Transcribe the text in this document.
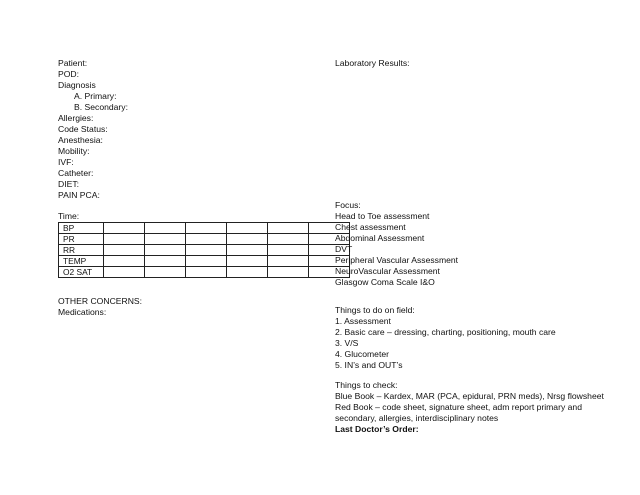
Patient:
POD:
Diagnosis
A. Primary:
B. Secondary:
Allergies:
Code Status:
Anesthesia:
Mobility:
IVF:
Catheter:
DIET:
PAIN PCA:
Time:
BP						
PR						
RR						
TEMP						
O2 SAT						
OTHER CONCERNS:
Medications:
Laboratory Results:
Focus:
Head to Toe assessment
Chest assessment
Abdominal Assessment
DVT
Peripheral Vascular Assessment
NeuroVascular Assessment
Glasgow Coma Scale I&O
Things to do on field:
1. Assessment
2. Basic care – dressing, charting, positioning, mouth care
3. V/S
4. Glucometer
5. IN’s and OUT’s
Things to check:
Blue Book – Kardex, MAR (PCA, epidural, PRN meds), Nrsg flowsheet
Red Book – code sheet, signature sheet, adm report primary and
secondary, allergies, interdisciplinary notes
Last Doctor’s Order:
